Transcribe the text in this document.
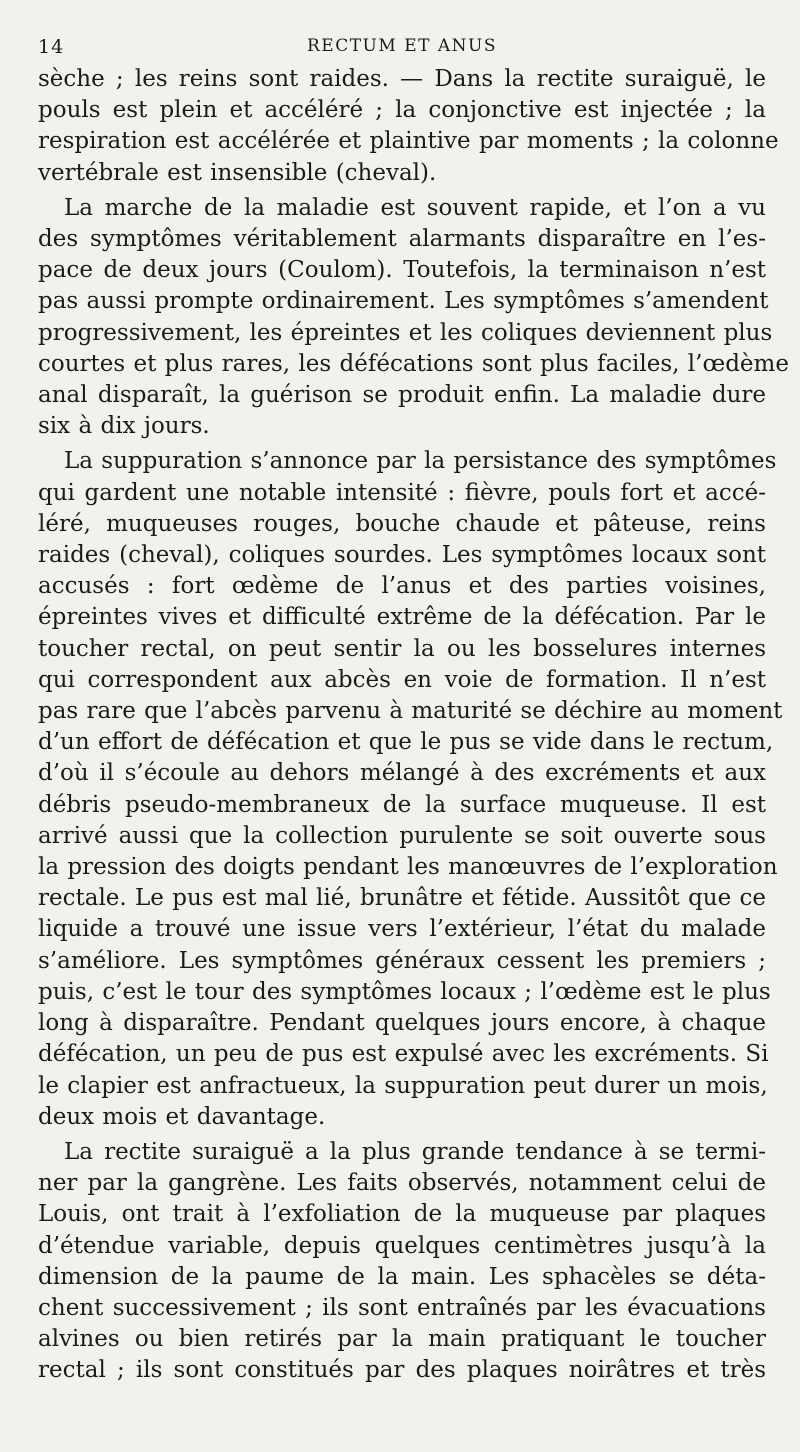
14	RECTUM ET ANUS

sèche ; les reins sont raides. — Dans la rectite suraiguë, le
pouls est plein et accéléré ; la conjonctive est injectée ; la
respiration est accélérée et plaintive par moments ; la colonne
vertébrale est insensible (cheval).

La marche de la maladie est souvent rapide, et l’on a vu
des symptômes véritablement alarmants disparaître en l’es-
pace de deux jours (Coulom). Toutefois, la terminaison n’est
pas aussi prompte ordinairement. Les symptômes s’amendent
progressivement, les épreintes et les coliques deviennent plus
courtes et plus rares, les défécations sont plus faciles, l’œdème
anal disparaît, la guérison se produit enfin. La maladie dure
six à dix jours.

La suppuration s’annonce par la persistance des symptômes
qui gardent une notable intensité : fièvre, pouls fort et accé-
léré, muqueuses rouges, bouche chaude et pâteuse, reins
raides (cheval), coliques sourdes. Les symptômes locaux sont
accusés : fort œdème de l’anus et des parties voisines,
épreintes vives et difficulté extrême de la défécation. Par le
toucher rectal, on peut sentir la ou les bosselures internes
qui correspondent aux abcès en voie de formation. Il n’est
pas rare que l’abcès parvenu à maturité se déchire au moment
d’un effort de défécation et que le pus se vide dans le rectum,
d’où il s’écoule au dehors mélangé à des excréments et aux
débris pseudo-membraneux de la surface muqueuse. Il est
arrivé aussi que la collection purulente se soit ouverte sous
la pression des doigts pendant les manœuvres de l’exploration
rectale. Le pus est mal lié, brunâtre et fétide. Aussitôt que ce
liquide a trouvé une issue vers l’extérieur, l’état du malade
s’améliore. Les symptômes généraux cessent les premiers ;
puis, c’est le tour des symptômes locaux ; l’œdème est le plus
long à disparaître. Pendant quelques jours encore, à chaque
défécation, un peu de pus est expulsé avec les excréments. Si
le clapier est anfractueux, la suppuration peut durer un mois,
deux mois et davantage.

La rectite suraiguë a la plus grande tendance à se termi-
ner par la gangrène. Les faits observés, notamment celui de
Louis, ont trait à l’exfoliation de la muqueuse par plaques
d’étendue variable, depuis quelques centimètres jusqu’à la
dimension de la paume de la main. Les sphacèles se déta-
chent successivement ; ils sont entraînés par les évacuations
alvines ou bien retirés par la main pratiquant le toucher
rectal ; ils sont constitués par des plaques noirâtres et très
